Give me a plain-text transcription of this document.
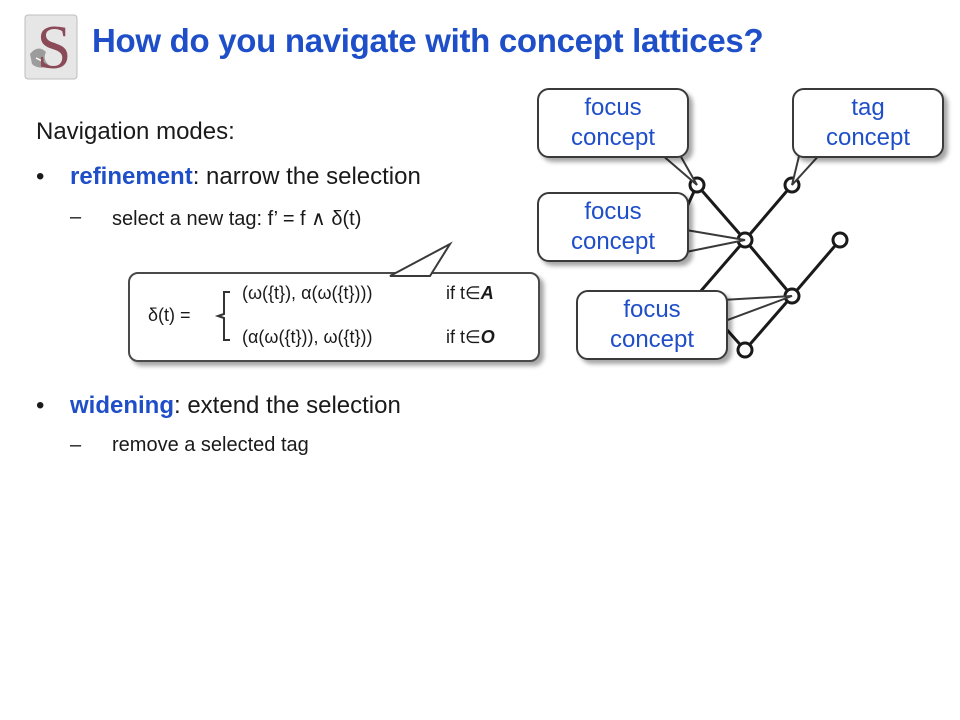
S How do you navigate with concept lattices?
Navigation modes:
• refinement: narrow the selection
– select a new tag: f’ = f ∧ δ(t)
δ(t) =
(ω({t}), α(ω({t})))	if t∈A
(α(ω({t})), ω({t}))	if t∈O
• widening: extend the selection
– remove a selected tag
focus
concept
tag
concept
focus
concept
focus
concept
